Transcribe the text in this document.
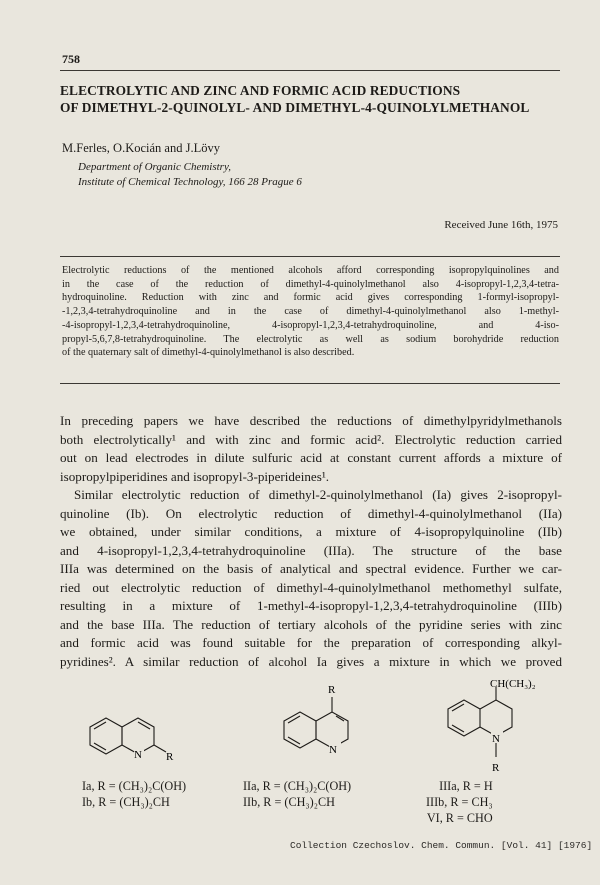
758
ELECTROLYTIC AND ZINC AND FORMIC ACID REDUCTIONS
OF DIMETHYL-2-QUINOLYL- AND DIMETHYL-4-QUINOLYLMETHANOL
M.Ferles, O.Kocián and J.Lövy
Department of Organic Chemistry,
Institute of Chemical Technology, 166 28 Prague 6
Received June 16th, 1975
Electrolytic reductions of the mentioned alcohols afford corresponding isopropylquinolines and
in the case of the reduction of dimethyl-4-quinolylmethanol also 4-isopropyl-1,2,3,4-tetra-
hydroquinoline. Reduction with zinc and formic acid gives corresponding 1-formyl-isopropyl-
-1,2,3,4-tetrahydroquinoline and in the case of dimethyl-4-quinolylmethanol also 1-methyl-
-4-isopropyl-1,2,3,4-tetrahydroquinoline, 4-isopropyl-1,2,3,4-tetrahydroquinoline, and 4-iso-
propyl-5,6,7,8-tetrahydroquinoline. The electrolytic as well as sodium borohydride reduction
of the quaternary salt of dimethyl-4-quinolylmethanol is also described.
In preceding papers we have described the reductions of dimethylpyridylmethanols
both electrolytically¹ and with zinc and formic acid². Electrolytic reduction carried
out on lead electrodes in dilute sulfuric acid at constant current affords a mixture of
isopropylpiperidines and isopropyl-3-piperideines¹.
Similar electrolytic reduction of dimethyl-2-quinolylmethanol (Ia) gives 2-isopropyl-
quinoline (Ib). On electrolytic reduction of dimethyl-4-quinolylmethanol (IIa)
we obtained, under similar conditions, a mixture of 4-isopropylquinoline (IIb)
and 4-isopropyl-1,2,3,4-tetrahydroquinoline (IIIa). The structure of the base
IIIa was determined on the basis of analytical and spectral evidence. Further we car-
ried out electrolytic reduction of dimethyl-4-quinolylmethanol methomethyl sulfate,
resulting in a mixture of 1-methyl-4-isopropyl-1,2,3,4-tetrahydroquinoline (IIIb)
and the base IIIa. The reduction of tertiary alcohols of the pyridine series with zinc
and formic acid was found suitable for the preparation of corresponding alkyl-
pyridines². A similar reduction of alcohol Ia gives a mixture in which we proved
N R
Ia, R = (CH₃)₂C(OH)
Ib, R = (CH₃)₂CH
N
R
IIa, R = (CH₃)₂C(OH)
IIb, R = (CH₃)₂CH
N
R
CH(CH₃)₂
IIIa, R = H
IIIb, R = CH₃
VI, R = CHO
Collection Czechoslov. Chem. Commun. [Vol. 41] [1976]
